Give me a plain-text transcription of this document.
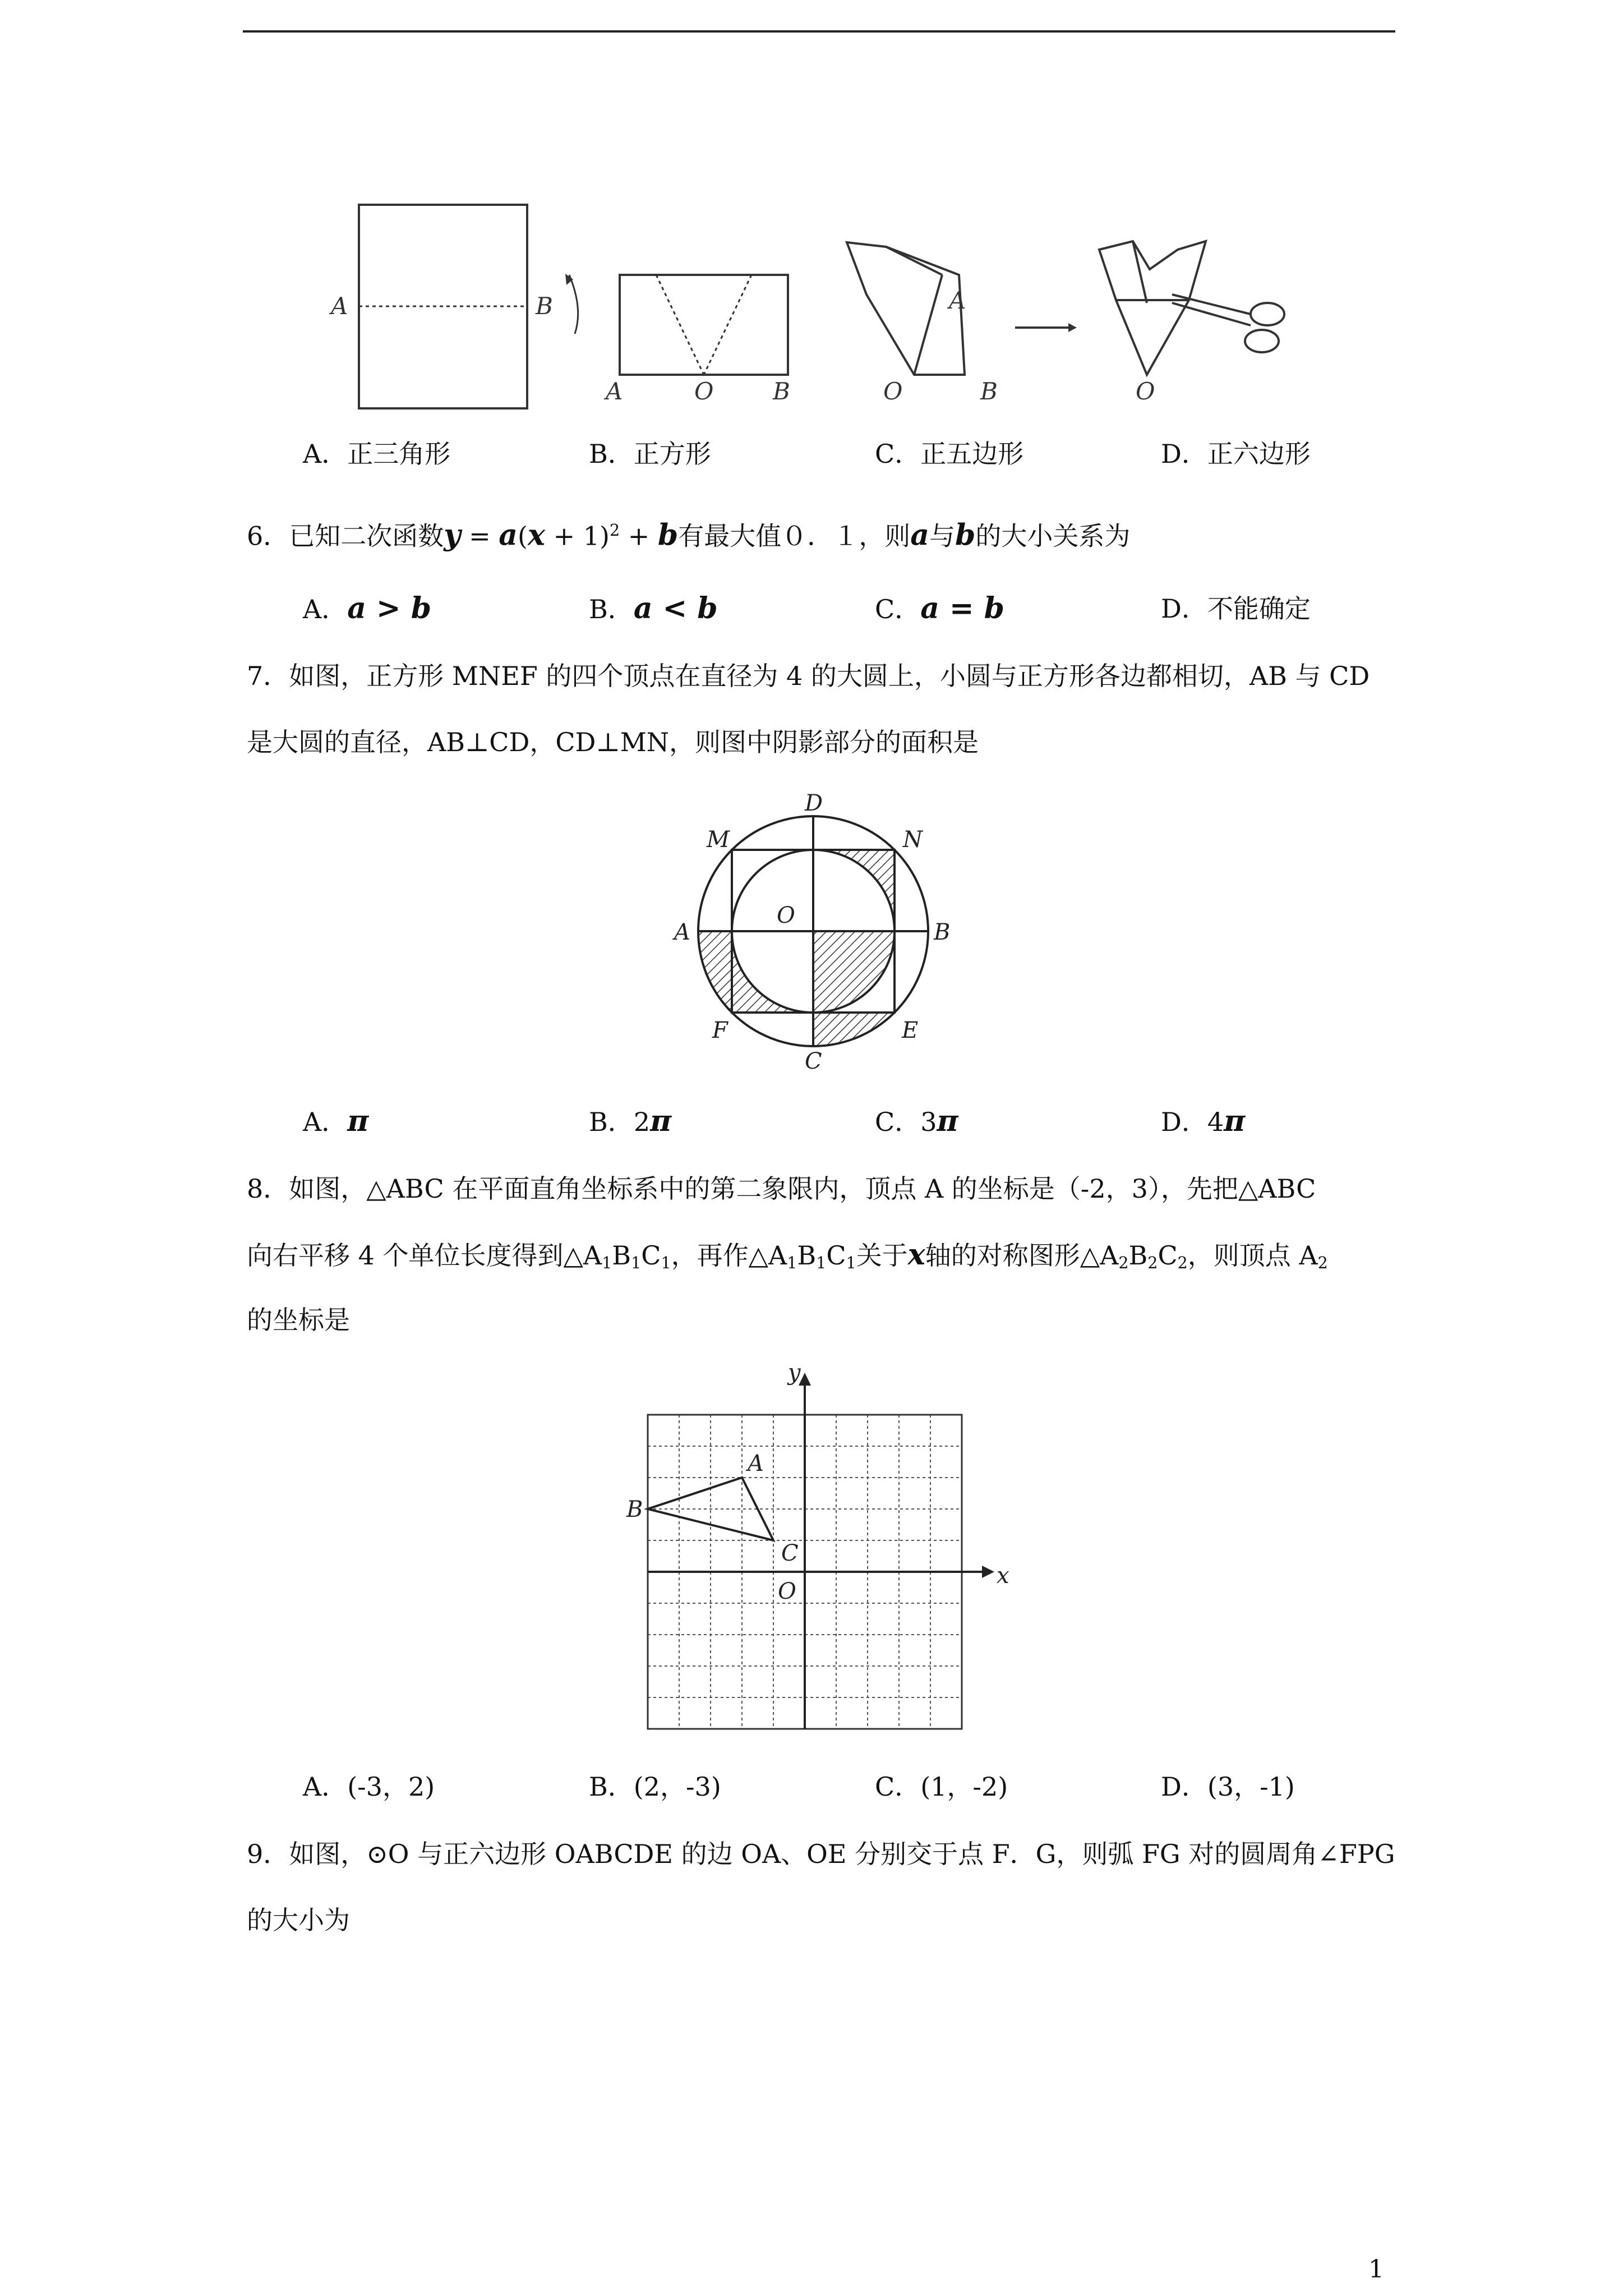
A	B	A
A	O	B	O	B	O
A．正三角形	B．正方形	C．正五边形	D．正六边形
6．已知二次函数$y = a(x + 1)^2 + b$有最大值０．１，则a与b的大小关系为
A．a > b	B．a < b	C．a = b	D．不能确定
7．如图，正方形 MNEF 的四个顶点在直径为 4 的大圆上，小圆与正方形各边都相切，AB 与 CD
是大圆的直径，AB⊥CD，CD⊥MN，则图中阴影部分的面积是
D
M	N
A
O
B
F	E
C
A．π	B．2π	C．3π	D．4π
8．如图，△ABC 在平面直角坐标系中的第二象限内，顶点 A 的坐标是（-2，3），先把△ABC
向右平移 4 个单位长度得到$\triangle A_1B_1C_1$，再作$\triangle A_1B_1C_1$关于x轴的对称图形$\triangle A_2B_2C_2$，则顶点 $A_2$
的坐标是
y
x
A
B
C
O
A．(-3，2)	B．(2，-3)	C．(1，-2)	D．(3，-1)
9．如图，⊙O 与正六边形 OABCDE 的边 OA、OE 分别交于点 F．G，则弧 FG 对的圆周角∠FPG
的大小为
1
